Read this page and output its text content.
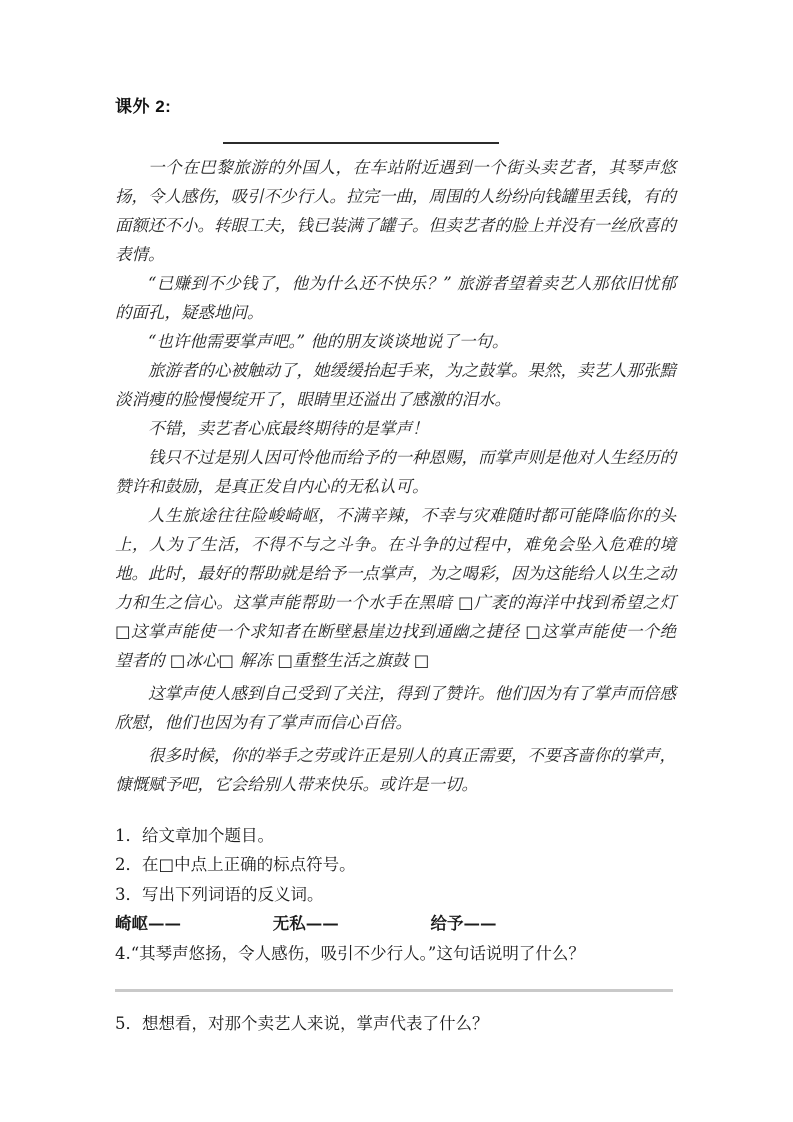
课外 2:

一个在巴黎旅游的外国人，在车站附近遇到一个街头卖艺者，其琴声悠扬，令人感伤，吸引不少行人。拉完一曲，周围的人纷纷向钱罐里丢钱，有的面额还不小。转眼工夫，钱已装满了罐子。但卖艺者的脸上并没有一丝欣喜的表情。

“已赚到不少钱了，他为什么还不快乐？” 旅游者望着卖艺人那依旧忧郁的面孔，疑惑地问。

“也许他需要掌声吧。” 他的朋友谈谈地说了一句。

旅游者的心被触动了，她缓缓抬起手来，为之鼓掌。果然，卖艺人那张黯淡消瘦的脸慢慢绽开了，眼睛里还溢出了感激的泪水。

不错，卖艺者心底最终期待的是掌声！

钱只不过是别人因可怜他而给予的一种恩赐，而掌声则是他对人生经历的赞许和鼓励，是真正发自内心的无私认可。

人生旅途往往险峻崎岖，不满辛辣，不幸与灾难随时都可能降临你的头上，人为了生活，不得不与之斗争。在斗争的过程中，难免会坠入危难的境地。此时，最好的帮助就是给予一点掌声，为之喝彩，因为这能给人以生之动力和生之信心。这掌声能帮助一个水手在黑暗 □广袤的海洋中找到希望之灯 □这掌声能使一个求知者在断壁悬崖边找到通幽之捷径 □这掌声能使一个绝望者的 □冰心□ 解冻 □重整生活之旗鼓 □

这掌声使人感到自己受到了关注，得到了赞许。他们因为有了掌声而倍感欣慰，他们也因为有了掌声而信心百倍。

很多时候，你的举手之劳或许正是别人的真正需要，不要吝啬你的掌声，慷慨赋予吧，它会给别人带来快乐。或许是一切。

1．给文章加个题目。

2．在□中点上正确的标点符号。

3．写出下列词语的反义词。

崎岖——	无私——	给予——

4.“其琴声悠扬，令人感伤，吸引不少行人。”这句话说明了什么？

5．想想看，对那个卖艺人来说，掌声代表了什么？
